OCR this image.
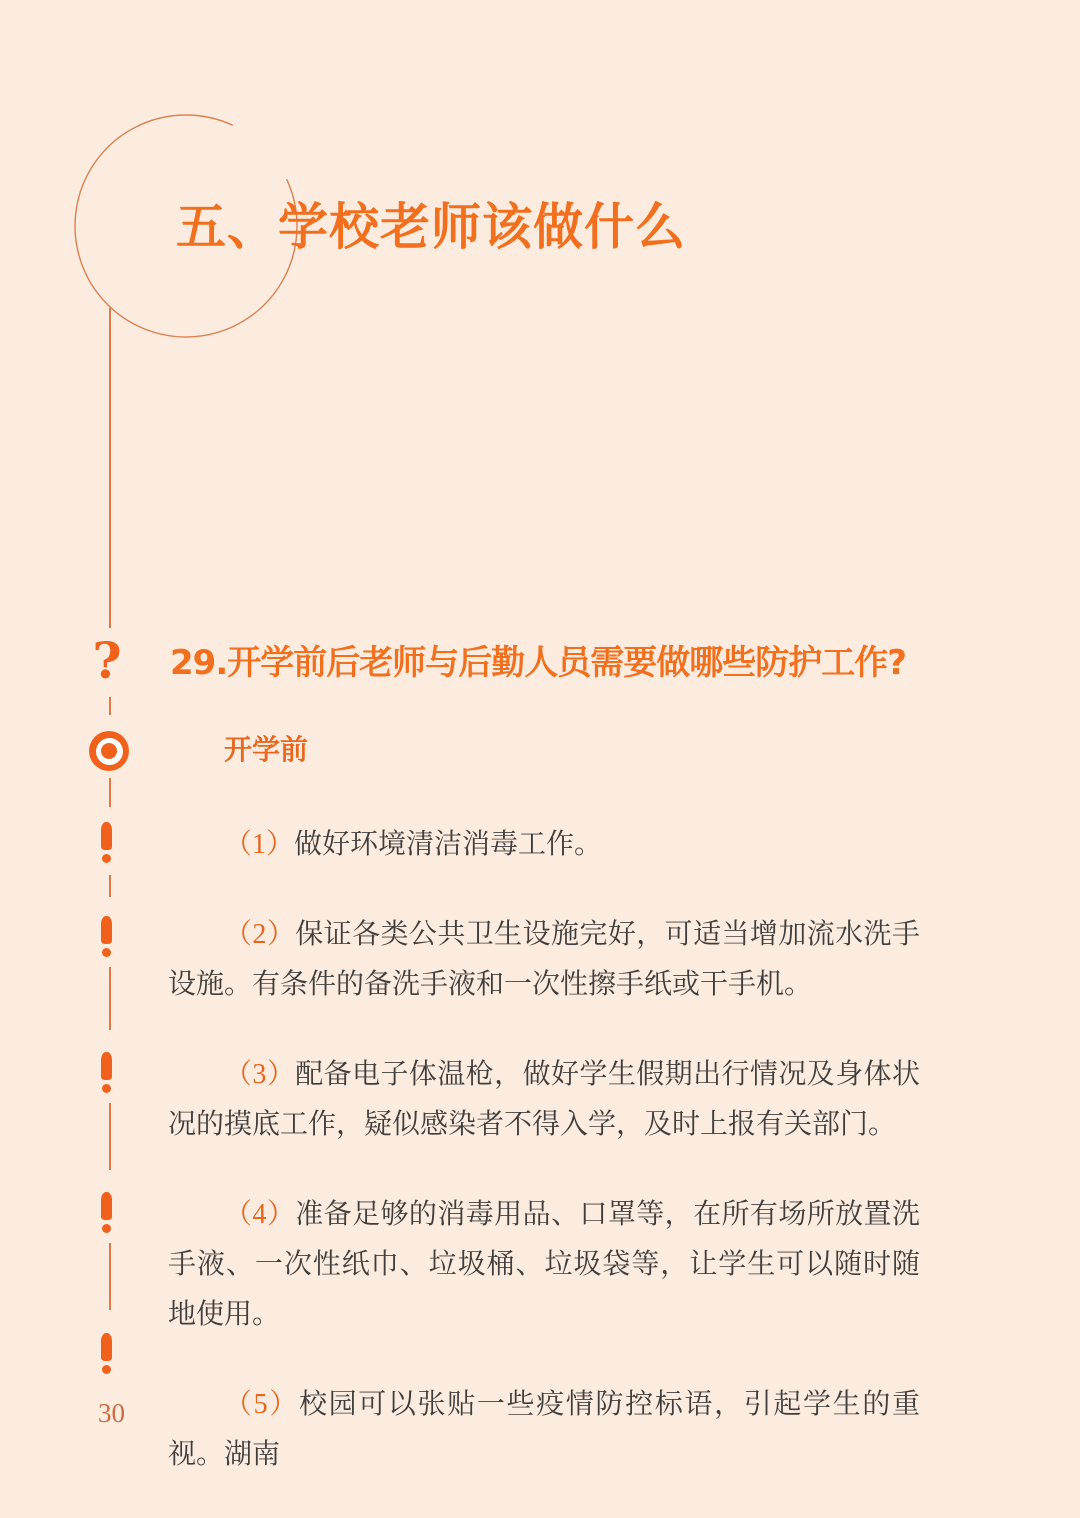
五、学校老师该做什么
? 29.开学前后老师与后勤人员需要做哪些防护工作?
开学前

（1）做好环境清洁消毒工作。

（2）保证各类公共卫生设施完好，可适当增加流水洗手设施。有条件的备洗手液和一次性擦手纸或干手机。

（3）配备电子体温枪，做好学生假期出行情况及身体状况的摸底工作，疑似感染者不得入学，及时上报有关部门。

（4）准备足够的消毒用品、口罩等，在所有场所放置洗手液、一次性纸巾、垃圾桶、垃圾袋等，让学生可以随时随地使用。

（5）校园可以张贴一些疫情防控标语，引起学生的重视。湖南

30
